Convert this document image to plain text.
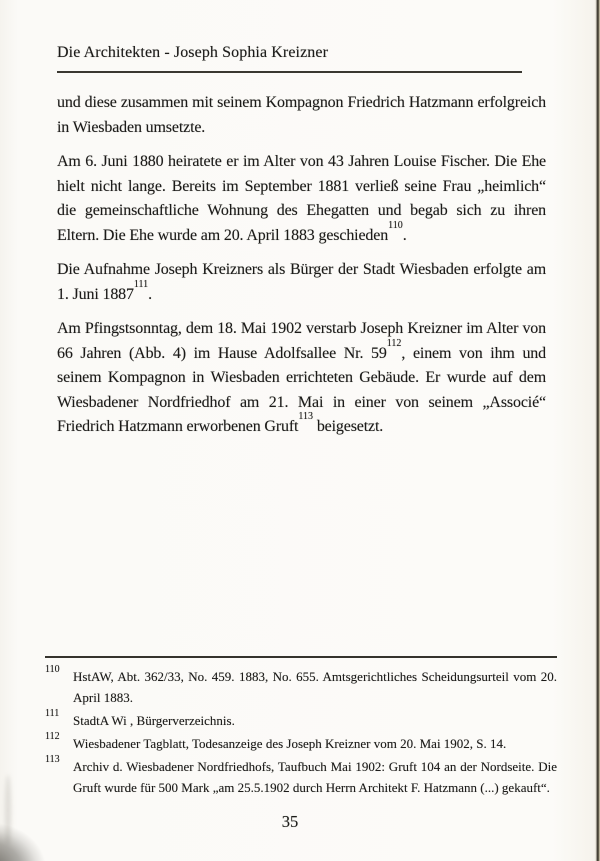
Die Architekten - Joseph Sophia Kreizner

und diese zusammen mit seinem Kompagnon Friedrich Hatzmann erfolgreich in Wiesbaden umsetzte.

Am 6. Juni 1880 heiratete er im Alter von 43 Jahren Louise Fischer. Die Ehe hielt nicht lange. Bereits im September 1881 verließ seine Frau „heimlich“ die gemeinschaftliche Wohnung des Ehegatten und begab sich zu ihren Eltern. Die Ehe wurde am 20. April 1883 geschieden$^{110}$.

Die Aufnahme Joseph Kreizners als Bürger der Stadt Wiesbaden erfolgte am 1. Juni 1887$^{111}$.

Am Pfingstsonntag, dem 18. Mai 1902 verstarb Joseph Kreizner im Alter von 66 Jahren (Abb. 4) im Hause Adolfsallee Nr. $59^{112}$, einem von ihm und seinem Kompagnon in Wiesbaden errichteten Gebäude. Er wurde auf dem Wiesbadener Nordfriedhof am 21. Mai in einer von seinem „Associé“ Friedrich Hatzmann erworbenen Gruft$^{113}$ beigesetzt.

$^{110}$ HstAW, Abt. 362/33, No. 459. 1883, No. 655. Amtsgerichtliches Scheidungsurteil vom 20. April 1883.
$^{111}$ StadtA Wi , Bürgerverzeichnis.
$^{112}$ Wiesbadener Tagblatt, Todesanzeige des Joseph Kreizner vom 20. Mai 1902, S. 14.
$^{113}$ Archiv d. Wiesbadener Nordfriedhofs, Taufbuch Mai 1902: Gruft 104 an der Nordseite. Die Gruft wurde für 500 Mark „am 25.5.1902 durch Herrn Architekt F. Hatzmann (...) gekauft“.
35
